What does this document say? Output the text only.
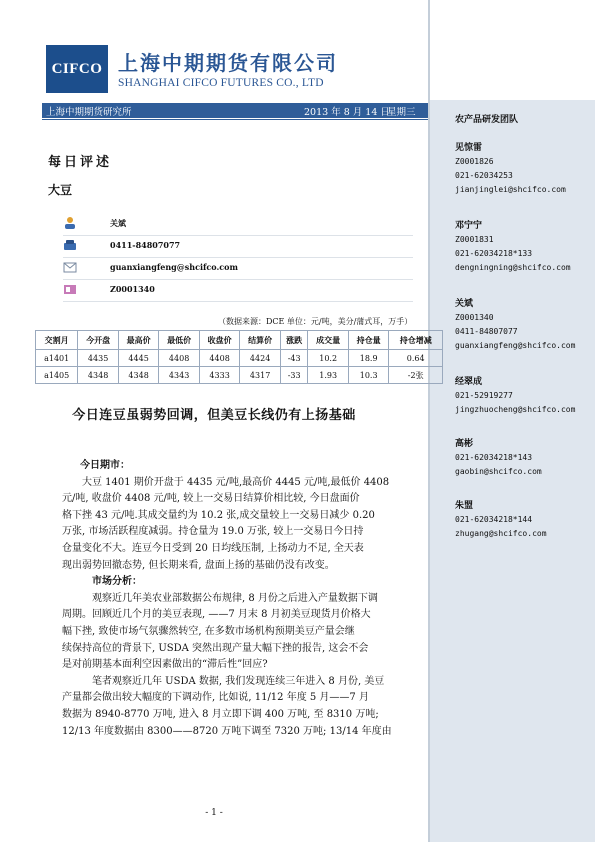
CIFCO 上海中期期货有限公司
SHANGHAI CIFCO FUTURES CO., LTD
上海中期期货研究所	2013 年 8 月 14 日
星期三
每日评述
大豆
关斌
0411-84807077
guanxiangfeng@shcifco.com
Z0001340
（数据来源：DCE 单位：元/吨，美分/蒲式耳，万手）
交割月	今开盘	最高价	最低价	收盘价	结算价	涨跌	成交量	持仓量	持仓增减
a1401	4435	4445	4408	4408	4424	-43	10.2	18.9	0.64
a1405	4348	4348	4343	4333	4317	-33	1.93	10.3	-2张
今日连豆虽弱势回调，但美豆长线仍有上扬基础
今日期市：
大豆 1401 期价开盘于 4435 元/吨,最高价 4445 元/吨,最低价 4408
元/吨, 收盘价 4408 元/吨, 较上一交易日结算价相比较, 今日盘面价
格下挫 43 元/吨.其成交量约为 10.2 张,成交量较上一交易日减少 0.20
万张, 市场活跃程度减弱。持仓量为 19.0 万张, 较上一交易日今日持
仓量变化不大。连豆今日受到 20 日均线压制, 上扬动力不足, 全天表
现出弱势回撤态势, 但长期来看, 盘面上扬的基础仍没有改变。
市场分析：
观察近几年美农业部数据公布规律, 8 月份之后进入产量数据下调
周期。回顾近几个月的美豆表现, ——7 月末 8 月初美豆现货月价格大
幅下挫, 致使市场气氛骤然转空, 在多数市场机构预期美豆产量会继
续保持高位的背景下, USDA 突然出现产量大幅下挫的报告, 这会不会
是对前期基本面利空因素做出的“滞后性”回应?
笔者观察近几年 USDA 数据, 我们发现连续三年进入 8 月份, 美豆
产量都会做出较大幅度的下调动作, 比如说, 11/12 年度 5 月——7 月
数据为 8940-8770 万吨, 进入 8 月立即下调 400 万吨, 至 8310 万吨;
12/13 年度数据由 8300——8720 万吨下调至 7320 万吨; 13/14 年度由
- 1 -
农产品研发团队
见惊雷
Z0001826
021-62034253
jianjinglei@shcifco.com
邓宁宁
Z0001831
021-62034218*133
dengningning@shcifco.com
关斌
Z0001340
0411-84807077
guanxiangfeng@shcifco.com
经翠成
021-52919277
jingzhuocheng@shcifco.com
高彬
021-62034218*143
gaobin@shcifco.com
朱盟
021-62034218*144
zhugang@shcifco.com
